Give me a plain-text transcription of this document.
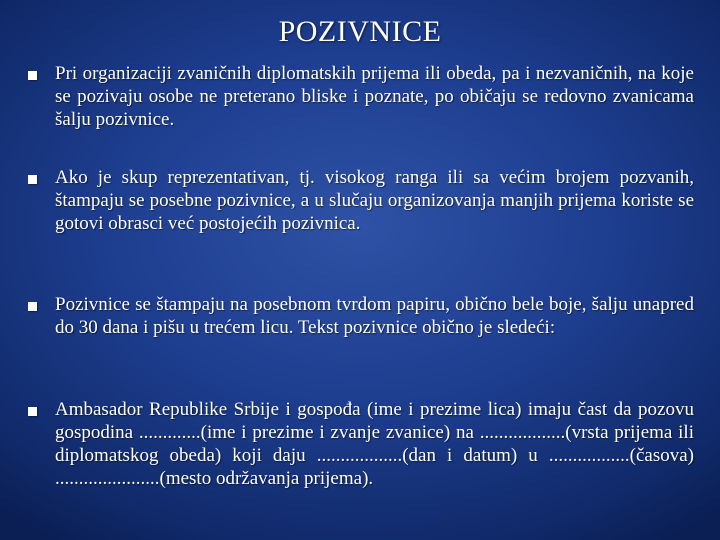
POZIVNICE

Pri organizaciji zvaničnih diplomatskih prijema ili obeda, pa i nezvaničnih, na koje se pozivaju osobe ne preterano bliske i poznate, po običaju se redovno zvanicama šalju pozivnice.

Ako je skup reprezentativan, tj. visokog ranga ili sa većim brojem pozvanih, štampaju se posebne pozivnice, a u slučaju organizovanja manjih prijema koriste se gotovi obrasci već postojećih pozivnica.

Pozivnice se štampaju na posebnom tvrdom papiru, obično bele boje, šalju unapred do 30 dana i pišu u trećem licu. Tekst pozivnice obično je sledeći:

Ambasador Republike Srbije i gospođa (ime i prezime lica) imaju čast da pozovu gospodina .............(ime i prezime i zvanje zvanice) na ..................(vrsta prijema ili diplomatskog obeda) koji daju ..................(dan i datum) u .................(časova) ......................(mesto održavanja prijema).
